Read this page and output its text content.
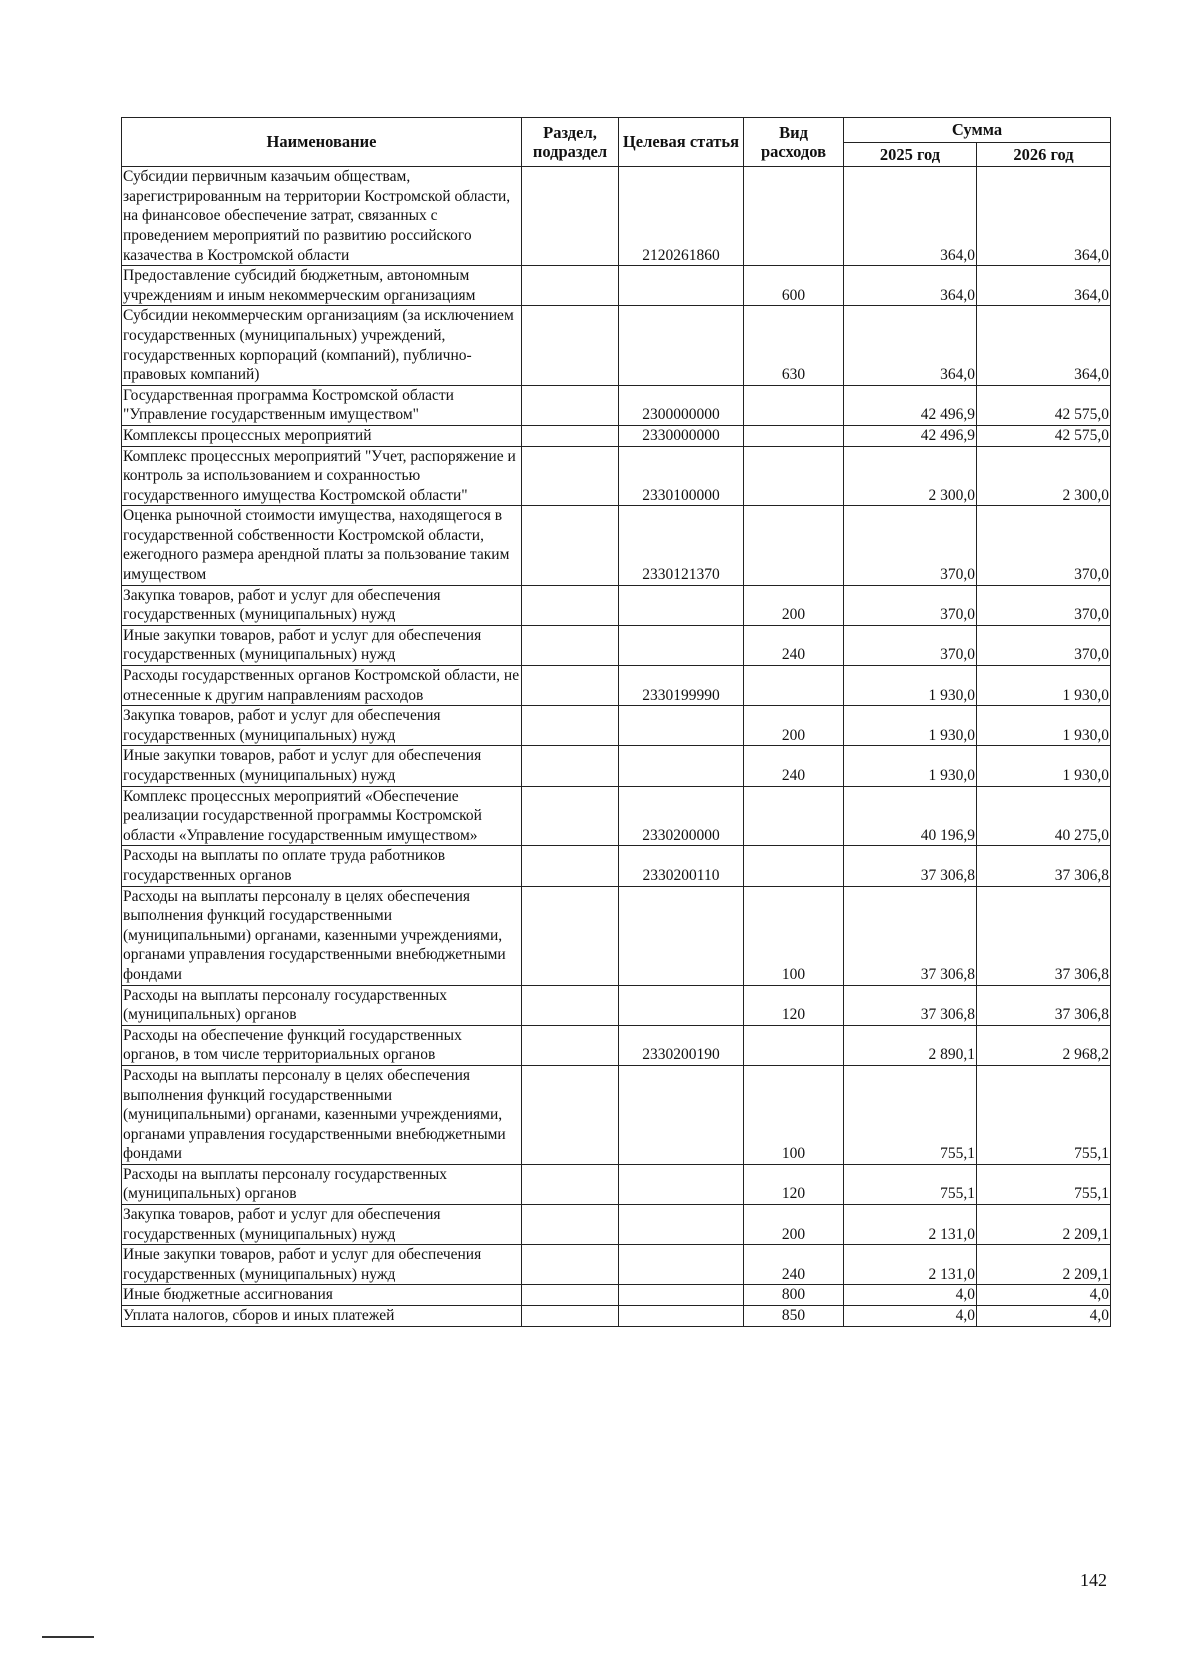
Наименование	Раздел, подраздел	Целевая статья	Вид расходов	Сумма	
				2025 год	2026 год
Субсидии первичным казачьим обществам, зарегистрированным на территории Костромской области, на финансовое обеспечение затрат, связанных с проведением мероприятий по развитию российского казачества в Костромской области		2120261860		364,0	364,0
Предоставление субсидий бюджетным, автономным учреждениям и иным некоммерческим организациям			600	364,0	364,0
Субсидии некоммерческим организациям (за исключением государственных (муниципальных) учреждений, государственных корпораций (компаний), публично-правовых компаний)			630	364,0	364,0
Государственная программа Костромской области "Управление государственным имуществом"		2300000000		42 496,9	42 575,0
Комплексы процессных мероприятий		2330000000		42 496,9	42 575,0
Комплекс процессных мероприятий "Учет, распоряжение и контроль за использованием и сохранностью государственного имущества Костромской области"		2330100000		2 300,0	2 300,0
Оценка рыночной стоимости имущества, находящегося в государственной собственности Костромской области, ежегодного размера арендной платы за пользование таким имуществом		2330121370		370,0	370,0
Закупка товаров, работ и услуг для обеспечения государственных (муниципальных) нужд			200	370,0	370,0
Иные закупки товаров, работ и услуг для обеспечения государственных (муниципальных) нужд			240	370,0	370,0
Расходы государственных органов Костромской области, не отнесенные к другим направлениям расходов		2330199990		1 930,0	1 930,0
Закупка товаров, работ и услуг для обеспечения государственных (муниципальных) нужд			200	1 930,0	1 930,0
Иные закупки товаров, работ и услуг для обеспечения государственных (муниципальных) нужд			240	1 930,0	1 930,0
Комплекс процессных мероприятий «Обеспечение реализации государственной программы Костромской области «Управление государственным имуществом»		2330200000		40 196,9	40 275,0
Расходы на выплаты по оплате труда работников государственных органов		2330200110		37 306,8	37 306,8
Расходы на выплаты персоналу в целях обеспечения выполнения функций государственными (муниципальными) органами, казенными учреждениями, органами управления государственными внебюджетными фондами			100	37 306,8	37 306,8
Расходы на выплаты персоналу государственных (муниципальных) органов			120	37 306,8	37 306,8
Расходы на обеспечение функций государственных органов, в том числе территориальных органов		2330200190		2 890,1	2 968,2
Расходы на выплаты персоналу в целях обеспечения выполнения функций государственными (муниципальными) органами, казенными учреждениями, органами управления государственными внебюджетными фондами			100	755,1	755,1
Расходы на выплаты персоналу государственных (муниципальных) органов			120	755,1	755,1
Закупка товаров, работ и услуг для обеспечения государственных (муниципальных) нужд			200	2 131,0	2 209,1
Иные закупки товаров, работ и услуг для обеспечения государственных (муниципальных) нужд			240	2 131,0	2 209,1
Иные бюджетные ассигнования			800	4,0	4,0
Уплата налогов, сборов и иных платежей			850	4,0	4,0
142
